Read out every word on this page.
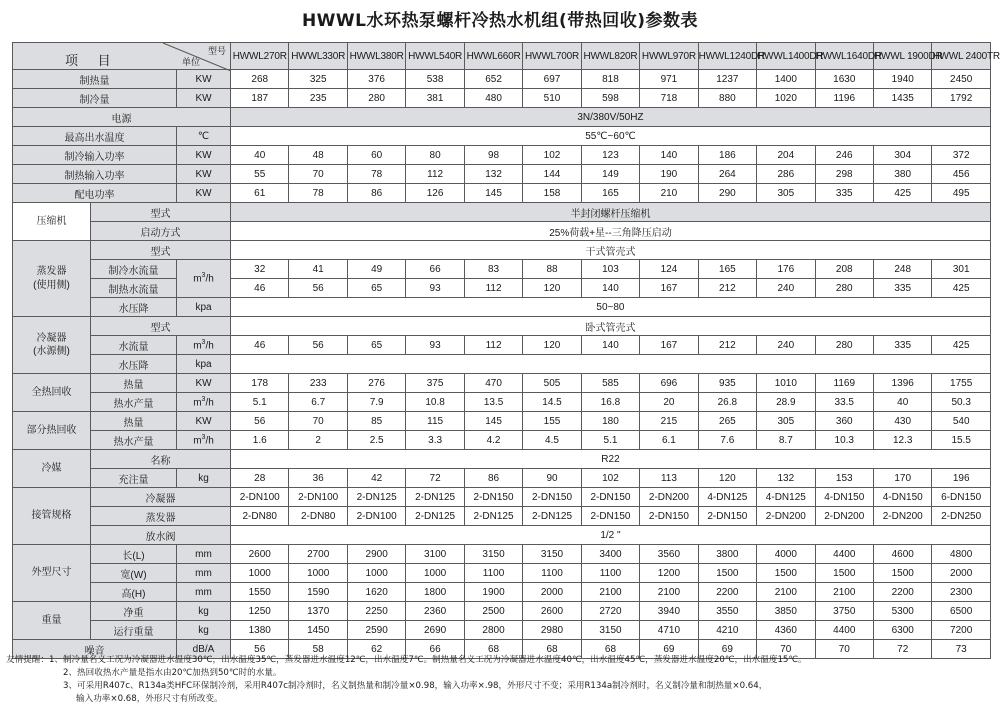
HWWL水环热泵螺杆冷热水机组(带热回收)参数表
项 目
型号
单位			HWWL270R	HWWL330R	HWWL380R	HWWL540R	HWWL660R	HWWL700R	HWWL820R	HWWL970R	HWWL1240DR	HWWL1400DR	HWWL1640DR	HWWL 1900DR	HWWL 2400TR
制热量		KW	268	325	376	538	652	697	818	971	1237	1400	1630	1940	2450
制冷量		KW	187	235	280	381	480	510	598	718	880	1020	1196	1435	1792
电源			3N/380V/50HZ												
最高出水温度		℃	55℃~60℃												
制冷输入功率		KW	40	48	60	80	98	102	123	140	186	204	246	304	372
制热输入功率		KW	55	70	78	112	132	144	149	190	264	286	298	380	456
配电功率		KW	61	78	86	126	145	158	165	210	290	305	335	425	495
压缩机	型式		半封闭螺杆压缩机												
	启动方式		25%荷载+星--三角降压启动												

蒸发器
(使用侧)	型式		干式管壳式												
	制冷水流量	$m^3/h$	32	41	49	66	83	88	103	124	165	176	208	248	301
	制热水流量		46	56	65	93	112	120	140	167	212	240	280	335	425
	水压降	kpa	50~80												

冷凝器
(水源侧)	型式		卧式管壳式												
	水流量	$m^3/h$	46	56	65	93	112	120	140	167	212	240	280	335	425
	水压降	kpa													
全热回收	热量	KW	178	233	276	375	470	505	585	696	935	1010	1169	1396	1755
	热水产量	$m^3/h$	5.1	6.7	7.9	10.8	13.5	14.5	16.8	20	26.8	28.9	33.5	40	50.3
部分热回收	热量	KW	56	70	85	115	145	155	180	215	265	305	360	430	540
	热水产量	$m^3/h$	1.6	2	2.5	3.3	4.2	4.5	5.1	6.1	7.6	8.7	10.3	12.3	15.5
冷媒	名称		R22												
	充注量	kg	28	36	42	72	86	90	102	113	120	132	153	170	196
接管规格	冷凝器		2-DN100	2-DN100	2-DN125	2-DN125	2-DN150	2-DN150	2-DN150	2-DN200	4-DN125	4-DN125	4-DN150	4-DN150	6-DN150
	蒸发器		2-DN80	2-DN80	2-DN100	2-DN125	2-DN125	2-DN125	2-DN150	2-DN150	2-DN150	2-DN200	2-DN200	2-DN200	2-DN250
	放水阀		1/2 "												
外型尺寸	长(L)	mm	2600	2700	2900	3100	3150	3150	3400	3560	3800	4000	4400	4600	4800
	宽(W)	mm	1000	1000	1000	1000	1100	1100	1100	1200	1500	1500	1500	1500	2000
	高(H)	mm	1550	1590	1620	1800	1900	2000	2100	2100	2200	2100	2100	2200	2300
重量	净重	kg	1250	1370	2250	2360	2500	2600	2720	3940	3550	3850	3750	5300	6500
	运行重量	kg	1380	1450	2590	2690	2800	2980	3150	4710	4210	4360	4400	6300	7200
噪音		dB/A	56	58	62	66	68	68	68	69	69	70	70	72	73
友情提醒：1、制冷量名义工况为冷凝器进水温度30℃，出水温度35℃，蒸发器进水温度12℃，出水温度7℃。制热量名义工况为冷凝器进水温度40℃，出水温度45℃，蒸发器进水温度20℃，出水温度15℃。
2、热回收热水产量是指水由20℃加热到50℃时的水量。
3、可采用R407c、R134a类HFC环保制冷剂，采用R407c制冷剂时，名义制热量和制冷量×0.98，输入功率×.98，外形尺寸不变；采用R134a制冷剂时，名义制冷量和制热量×0.64，
输入功率×0.68，外形尺寸有所改变。
